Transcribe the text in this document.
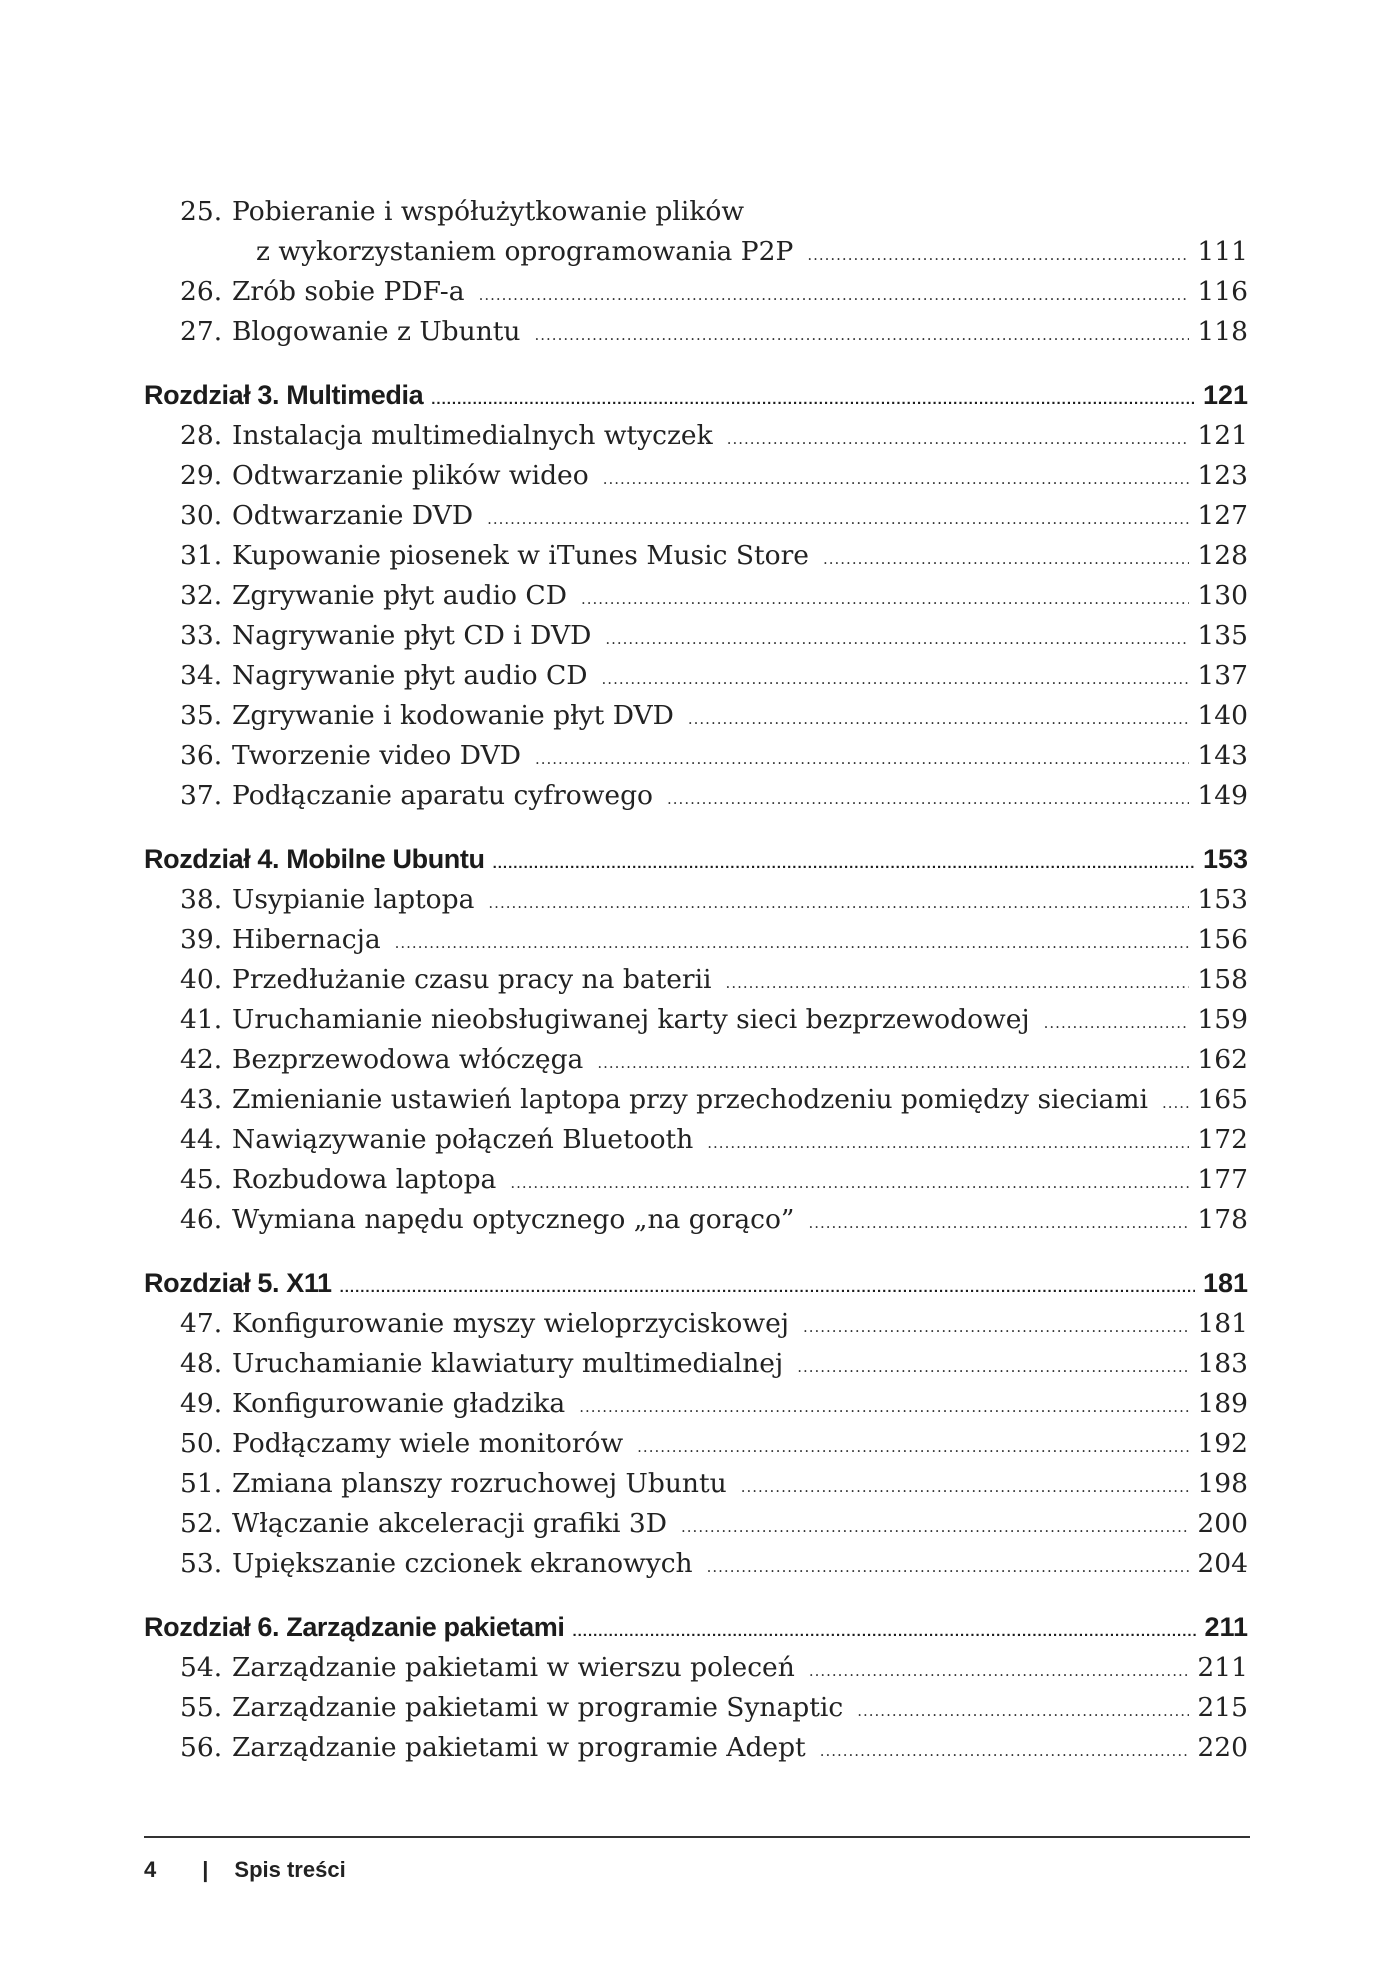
25. Pobieranie i współużytkowanie plików
z wykorzystaniem oprogramowania P2P .....	111
26. Zrób sobie PDF-a .....	116
27. Blogowanie z Ubuntu .....	118
Rozdział 3. Multimedia .....	121
28. Instalacja multimedialnych wtyczek .....	121
29. Odtwarzanie plików wideo .....	123
30. Odtwarzanie DVD .....	127
31. Kupowanie piosenek w iTunes Music Store .....	128
32. Zgrywanie płyt audio CD .....	130
33. Nagrywanie płyt CD i DVD .....	135
34. Nagrywanie płyt audio CD .....	137
35. Zgrywanie i kodowanie płyt DVD .....	140
36. Tworzenie video DVD .....	143
37. Podłączanie aparatu cyfrowego .....	149
Rozdział 4. Mobilne Ubuntu .....	153
38. Usypianie laptopa .....	153
39. Hibernacja .....	156
40. Przedłużanie czasu pracy na baterii .....	158
41. Uruchamianie nieobsługiwanej karty sieci bezprzewodowej .....	159
42. Bezprzewodowa włóczęga .....	162
43. Zmienianie ustawień laptopa przy przechodzeniu pomiędzy sieciami ..... 165
44. Nawiązywanie połączeń Bluetooth .....	172
45. Rozbudowa laptopa .....	177
46. Wymiana napędu optycznego „na gorąco” .....	178
Rozdział 5. X11 .....	181
47. Konfigurowanie myszy wieloprzyciskowej .....	181
48. Uruchamianie klawiatury multimedialnej .....	183
49. Konfigurowanie gładzika .....	189
50. Podłączamy wiele monitorów .....	192
51. Zmiana planszy rozruchowej Ubuntu .....	198
52. Włączanie akceleracji grafiki 3D .....	200
53. Upiększanie czcionek ekranowych .....	204
Rozdział 6. Zarządzanie pakietami .....	211
54. Zarządzanie pakietami w wierszu poleceń .....	211
55. Zarządzanie pakietami w programie Synaptic .....	215
56. Zarządzanie pakietami w programie Adept .....	220
4 | Spis treści
